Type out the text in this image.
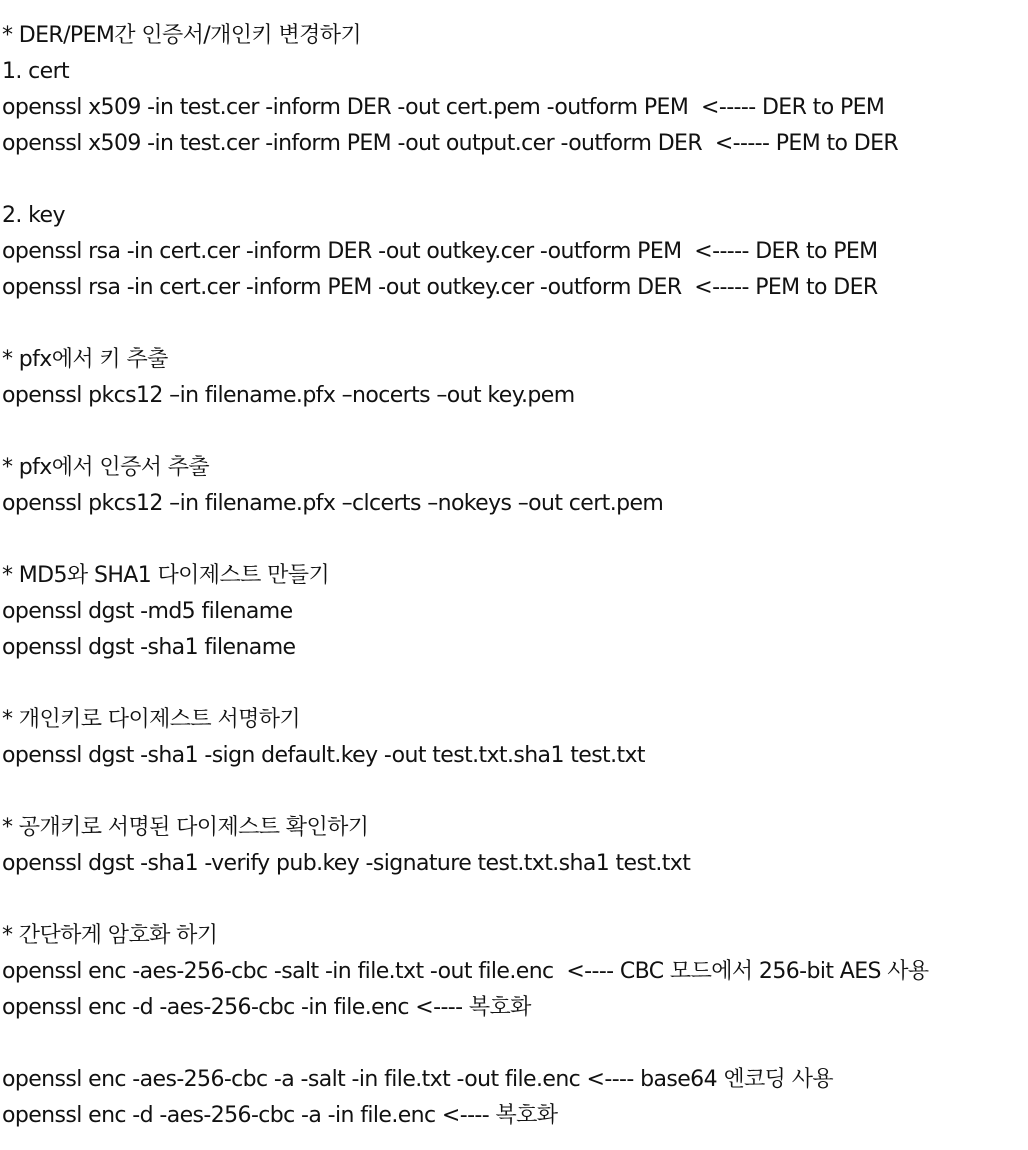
* DER/PEM간 인증서/개인키 변경하기
1. cert
openssl x509 -in test.cer -inform DER -out cert.pem -outform PEM  <----- DER to PEM
openssl x509 -in test.cer -inform PEM -out output.cer -outform DER  <----- PEM to DER
2. key
openssl rsa -in cert.cer -inform DER -out outkey.cer -outform PEM  <----- DER to PEM
openssl rsa -in cert.cer -inform PEM -out outkey.cer -outform DER  <----- PEM to DER
* pfx에서 키 추출
openssl pkcs12 –in filename.pfx –nocerts –out key.pem
* pfx에서 인증서 추출
openssl pkcs12 –in filename.pfx –clcerts –nokeys –out cert.pem
* MD5와 SHA1 다이제스트 만들기
openssl dgst -md5 filename
openssl dgst -sha1 filename
* 개인키로 다이제스트 서명하기
openssl dgst -sha1 -sign default.key -out test.txt.sha1 test.txt
* 공개키로 서명된 다이제스트 확인하기
openssl dgst -sha1 -verify pub.key -signature test.txt.sha1 test.txt
* 간단하게 암호화 하기
openssl enc -aes-256-cbc -salt -in file.txt -out file.enc  <---- CBC 모드에서 256-bit AES 사용
openssl enc -d -aes-256-cbc -in file.enc <---- 복호화
openssl enc -aes-256-cbc -a -salt -in file.txt -out file.enc <---- base64 엔코딩 사용
openssl enc -d -aes-256-cbc -a -in file.enc <---- 복호화
